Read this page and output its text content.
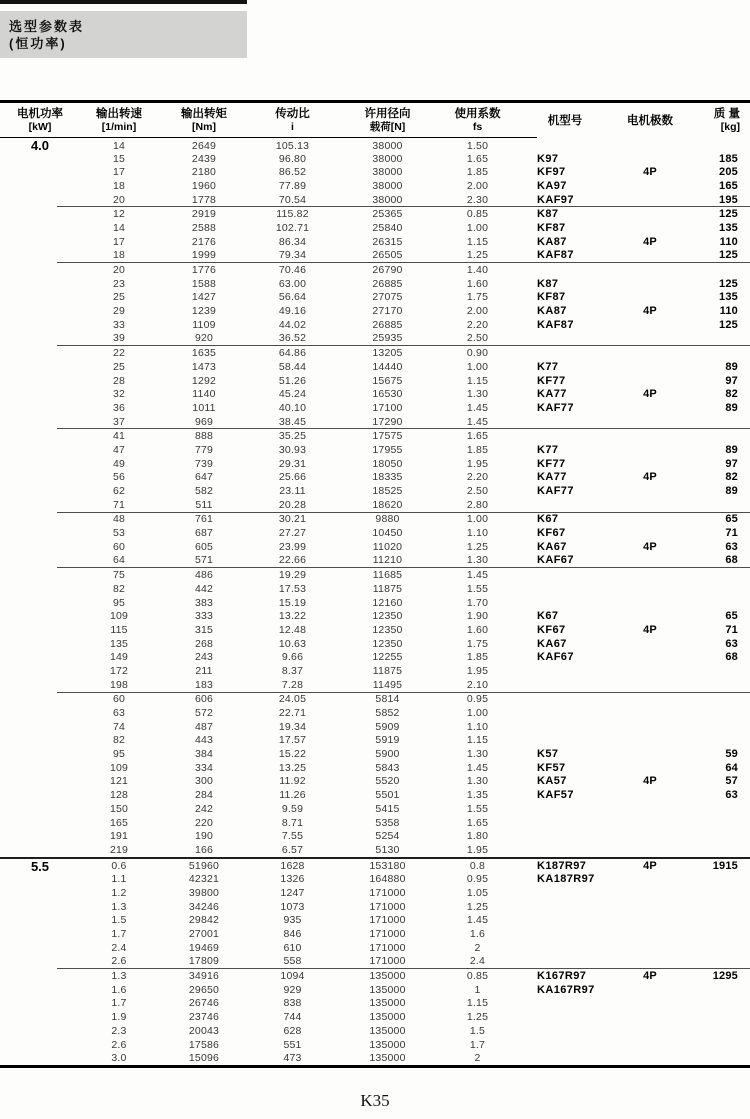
选型参数表
(恒功率)
电机功率
[kW]
输出转速
[1/min]
输出转矩
[Nm]
传动比
i
许用径向
载荷[N]
使用系数
fs
机型号	电机极数
质 量
[kg]
4.0	14	2649	105.13	38000	1.50
15	2439	96.80	38000	1.65	K97	185
17	2180	86.52	38000	1.85	KF97	4P	205
18	1960	77.89	38000	2.00	KA97	165
20	1778	70.54	38000	2.30	KAF97	195
12	2919	115.82	25365	0.85	K87	125
14	2588	102.71	25840	1.00	KF87	135
17	2176	86.34	26315	1.15	KA87	4P	110
18	1999	79.34	26505	1.25	KAF87	125
20	1776	70.46	26790	1.40
23	1588	63.00	26885	1.60	K87	125
25	1427	56.64	27075	1.75	KF87	135
29	1239	49.16	27170	2.00	KA87	4P	110
33	1109	44.02	26885	2.20	KAF87	125
39	920	36.52	25935	2.50
22	1635	64.86	13205	0.90
25	1473	58.44	14440	1.00	K77	89
28	1292	51.26	15675	1.15	KF77	97
32	1140	45.24	16530	1.30	KA77	4P	82
36	1011	40.10	17100	1.45	KAF77	89
37	969	38.45	17290	1.45
41	888	35.25	17575	1.65
47	779	30.93	17955	1.85	K77	89
49	739	29.31	18050	1.95	KF77	97
56	647	25.66	18335	2.20	KA77	4P	82
62	582	23.11	18525	2.50	KAF77	89
71	511	20.28	18620	2.80
48	761	30.21	9880	1.00	K67	65
53	687	27.27	10450	1.10	KF67	71
60	605	23.99	11020	1.25	KA67	4P	63
64	571	22.66	11210	1.30	KAF67	68
75	486	19.29	11685	1.45
82	442	17.53	11875	1.55
95	383	15.19	12160	1.70
109	333	13.22	12350	1.90	K67	65
115	315	12.48	12350	1.60	KF67	4P	71
135	268	10.63	12350	1.75	KA67	63
149	243	9.66	12255	1.85	KAF67	68
172	211	8.37	11875	1.95
198	183	7.28	11495	2.10
60	606	24.05	5814	0.95
63	572	22.71	5852	1.00
74	487	19.34	5909	1.10
82	443	17.57	5919	1.15
95	384	15.22	5900	1.30	K57	59
109	334	13.25	5843	1.45	KF57	64
121	300	11.92	5520	1.30	KA57	4P	57
128	284	11.26	5501	1.35	KAF57	63
150	242	9.59	5415	1.55
165	220	8.71	5358	1.65
191	190	7.55	5254	1.80
219	166	6.57	5130	1.95
5.5	0.6	51960	1628	153180	0.8	K187R97	4P	1915
1.1	42321	1326	164880	0.95	KA187R97
1.2	39800	1247	171000	1.05
1.3	34246	1073	171000	1.25
1.5	29842	935	171000	1.45
1.7	27001	846	171000	1.6
2.4	19469	610	171000	2
2.6	17809	558	171000	2.4
1.3	34916	1094	135000	0.85	K167R97	4P	1295
1.6	29650	929	135000	1	KA167R97
1.7	26746	838	135000	1.15
1.9	23746	744	135000	1.25
2.3	20043	628	135000	1.5
2.6	17586	551	135000	1.7
3.0	15096	473	135000	2
K35
